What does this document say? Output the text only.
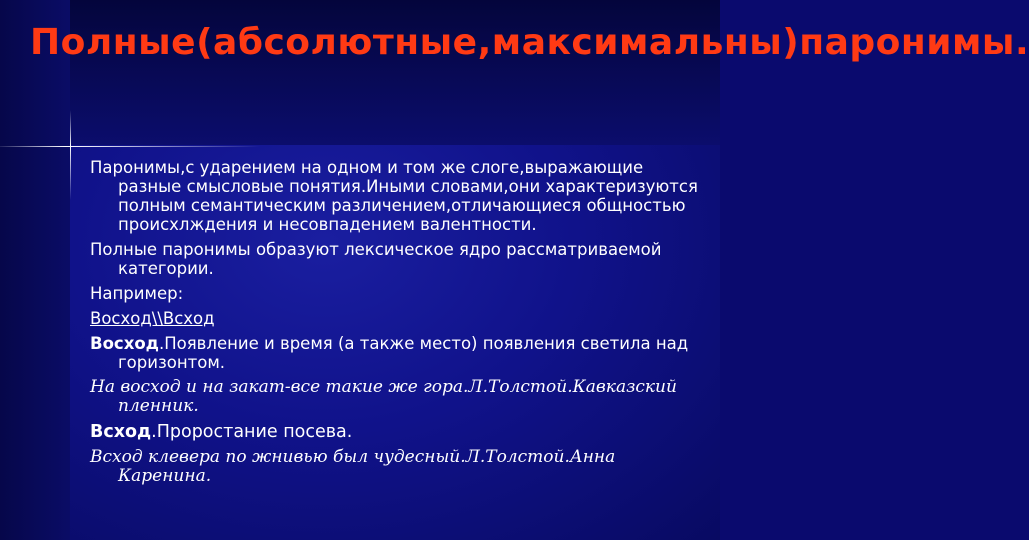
Полные(абсолютные,максимальны)паронимы.

Паронимы,с ударением на одном и том же слоге,выражающие разные смысловые понятия.Иными словами,они характеризуются полным семантическим различением,отличающиеся общностью происхлждения и несовпадением валентности.

Полные паронимы образуют лексическое ядро рассматриваемой категории.

Например:

Восход\\Всход

Восход.Появление и время (а также место) появления светила над горизонтом.

На восход и на закат-все такие же гора.Л.Толстой.Кавказский пленник.

Всход.Проростание посева.

Всход клевера по жнивью был чудесный.Л.Толстой.Анна Каренина.
